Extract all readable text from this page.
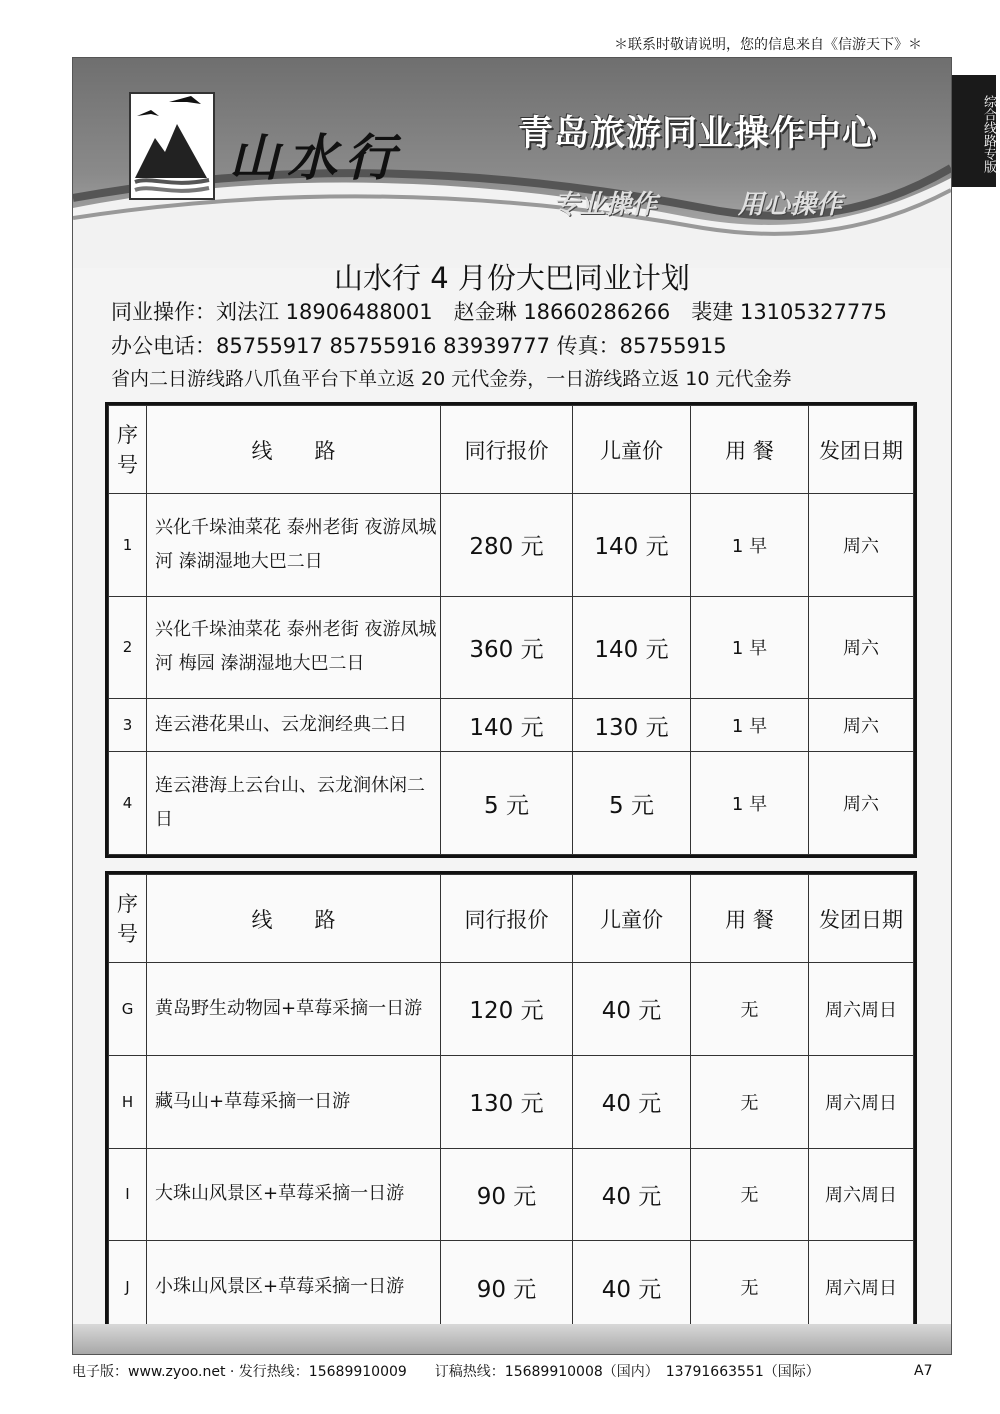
＊联系时敬请说明，您的信息来自《信游天下》＊
综合线路专版
山水行	青岛旅游同业操作中心
专业操作	用心操作
山水行 4 月份大巴同业计划
同业操作：刘法江 18906488001　赵金琳 18660286266　裴建 13105327775
办公电话：85755917 85755916 83939777 传真：85755915
省内二日游线路八爪鱼平台下单立返 20 元代金券，一日游线路立返 10 元代金券
序号	线　　路	同行报价	儿童价	用 餐	发团日期
1	兴化千垛油菜花 泰州老街 夜游凤城河 溱湖湿地大巴二日	280 元	140 元	1 早	周六
2	兴化千垛油菜花 泰州老街 夜游凤城河 梅园 溱湖湿地大巴二日	360 元	140 元	1 早	周六
3	连云港花果山、云龙涧经典二日	140 元	130 元	1 早	周六
4	连云港海上云台山、云龙涧休闲二日	5 元	5 元	1 早	周六
序号	线　　路	同行报价	儿童价	用 餐	发团日期
G	黄岛野生动物园+草莓采摘一日游	120 元	40 元	无	周六周日
H	藏马山+草莓采摘一日游	130 元	40 元	无	周六周日
I	大珠山风景区+草莓采摘一日游	90 元	40 元	无	周六周日
J	小珠山风景区+草莓采摘一日游	90 元	40 元	无	周六周日
电子版：www.zyoo.net · 发行热线：15689910009　　订稿热线：15689910008（国内）　13791663551（国际）	A7
